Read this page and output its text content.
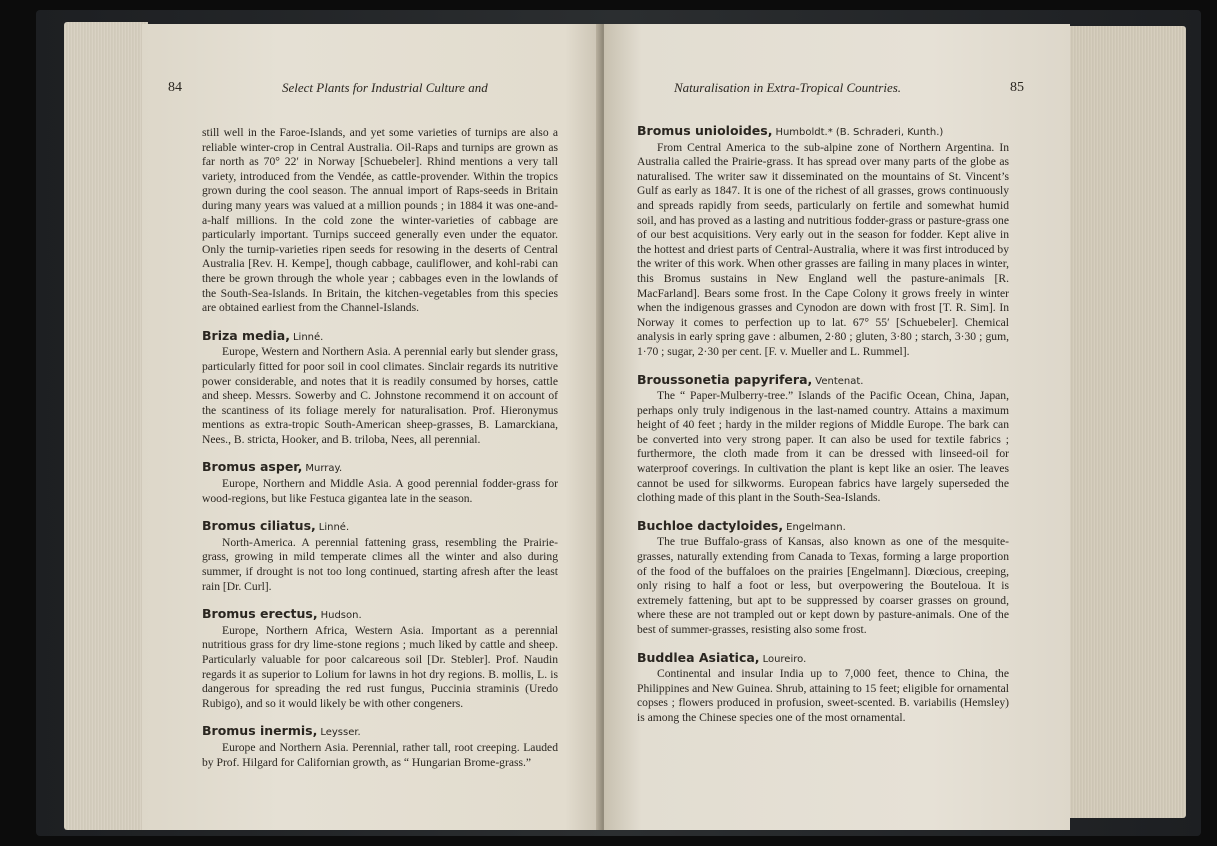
84	Select Plants for Industrial Culture and

still well in the Faroe-Islands, and yet some varieties of turnips are also a reliable winter-crop in Central Australia. Oil-Raps and turnips are grown as far north as 70° 22′ in Norway [Schuebeler]. Rhind mentions a very tall variety, introduced from the Vendée, as cattle-provender. Within the tropics grown during the cool season. The annual import of Raps-seeds in Britain during many years was valued at a million pounds ; in 1884 it was one-and-a-half millions. In the cold zone the winter-varieties of cabbage are particularly important. Turnips succeed generally even under the equator. Only the turnip-varieties ripen seeds for resowing in the deserts of Central Australia [Rev. H. Kempe], though cabbage, cauliflower, and kohl-rabi can there be grown through the whole year ; cabbages even in the lowlands of the South-Sea-Islands. In Britain, the kitchen-vegetables from this species are obtained earliest from the Channel-Islands.

Briza media, Linné.

Europe, Western and Northern Asia. A perennial early but slender grass, particularly fitted for poor soil in cool climates. Sinclair regards its nutritive power considerable, and notes that it is readily consumed by horses, cattle and sheep. Messrs. Sowerby and C. Johnstone recommend it on account of the scantiness of its foliage merely for naturalisation. Prof. Hieronymus mentions as extra-tropic South-American sheep-grasses, B. Lamarckiana, Nees., B. stricta, Hooker, and B. triloba, Nees, all perennial.

Bromus asper, Murray.

Europe, Northern and Middle Asia. A good perennial fodder-grass for wood-regions, but like Festuca gigantea late in the season.

Bromus ciliatus, Linné.

North-America. A perennial fattening grass, resembling the Prairie-grass, growing in mild temperate climes all the winter and also during summer, if drought is not too long continued, starting afresh after the least rain [Dr. Curl].

Bromus erectus, Hudson.

Europe, Northern Africa, Western Asia. Important as a perennial nutritious grass for dry lime-stone regions ; much liked by cattle and sheep. Particularly valuable for poor calcareous soil [Dr. Stebler]. Prof. Naudin regards it as superior to Lolium for lawns in hot dry regions. B. mollis, L. is dangerous for spreading the red rust fungus, Puccinia straminis (Uredo Rubigo), and so it would likely be with other congeners.

Bromus inermis, Leysser.

Europe and Northern Asia. Perennial, rather tall, root creeping. Lauded by Prof. Hilgard for Californian growth, as “ Hungarian Brome-grass.”

Naturalisation in Extra-Tropical Countries.	85

Bromus unioloides, Humboldt.* (B. Schraderi, Kunth.)

From Central America to the sub-alpine zone of Northern Argentina. In Australia called the Prairie-grass. It has spread over many parts of the globe as naturalised. The writer saw it disseminated on the mountains of St. Vincent’s Gulf as early as 1847. It is one of the richest of all grasses, grows continuously and spreads rapidly from seeds, particularly on fertile and somewhat humid soil, and has proved as a lasting and nutritious fodder-grass or pasture-grass one of our best acquisitions. Very early out in the season for fodder. Kept alive in the hottest and driest parts of Central-Australia, where it was first introduced by the writer of this work. When other grasses are failing in many places in winter, this Bromus sustains in New England well the pasture-animals [R. MacFarland]. Bears some frost. In the Cape Colony it grows freely in winter when the indigenous grasses and Cynodon are down with frost [T. R. Sim]. In Norway it comes to perfection up to lat. 67° 55′ [Schuebeler]. Chemical analysis in early spring gave : albumen, 2·80 ; gluten, 3·80 ; starch, 3·30 ; gum, 1·70 ; sugar, 2·30 per cent. [F. v. Mueller and L. Rummel].

Broussonetia papyrifera, Ventenat.

The “ Paper-Mulberry-tree.” Islands of the Pacific Ocean, China, Japan, perhaps only truly indigenous in the last-named country. Attains a maximum height of 40 feet ; hardy in the milder regions of Middle Europe. The bark can be converted into very strong paper. It can also be used for textile fabrics ; furthermore, the cloth made from it can be dressed with linseed-oil for waterproof coverings. In cultivation the plant is kept like an osier. The leaves cannot be used for silkworms. European fabrics have largely superseded the clothing made of this plant in the South-Sea-Islands.

Buchloe dactyloides, Engelmann.

The true Buffalo-grass of Kansas, also known as one of the mesquite-grasses, naturally extending from Canada to Texas, forming a large proportion of the food of the buffaloes on the prairies [Engelmann]. Diœcious, creeping, only rising to half a foot or less, but overpowering the Bouteloua. It is extremely fattening, but apt to be suppressed by coarser grasses on ground, where these are not trampled out or kept down by pasture-animals. One of the best of summer-grasses, resisting also some frost.

Buddlea Asiatica, Loureiro.

Continental and insular India up to 7,000 feet, thence to China, the Philippines and New Guinea. Shrub, attaining to 15 feet; eligible for ornamental copses ; flowers produced in profusion, sweet-scented. B. variabilis (Hemsley) is among the Chinese species one of the most ornamental.
